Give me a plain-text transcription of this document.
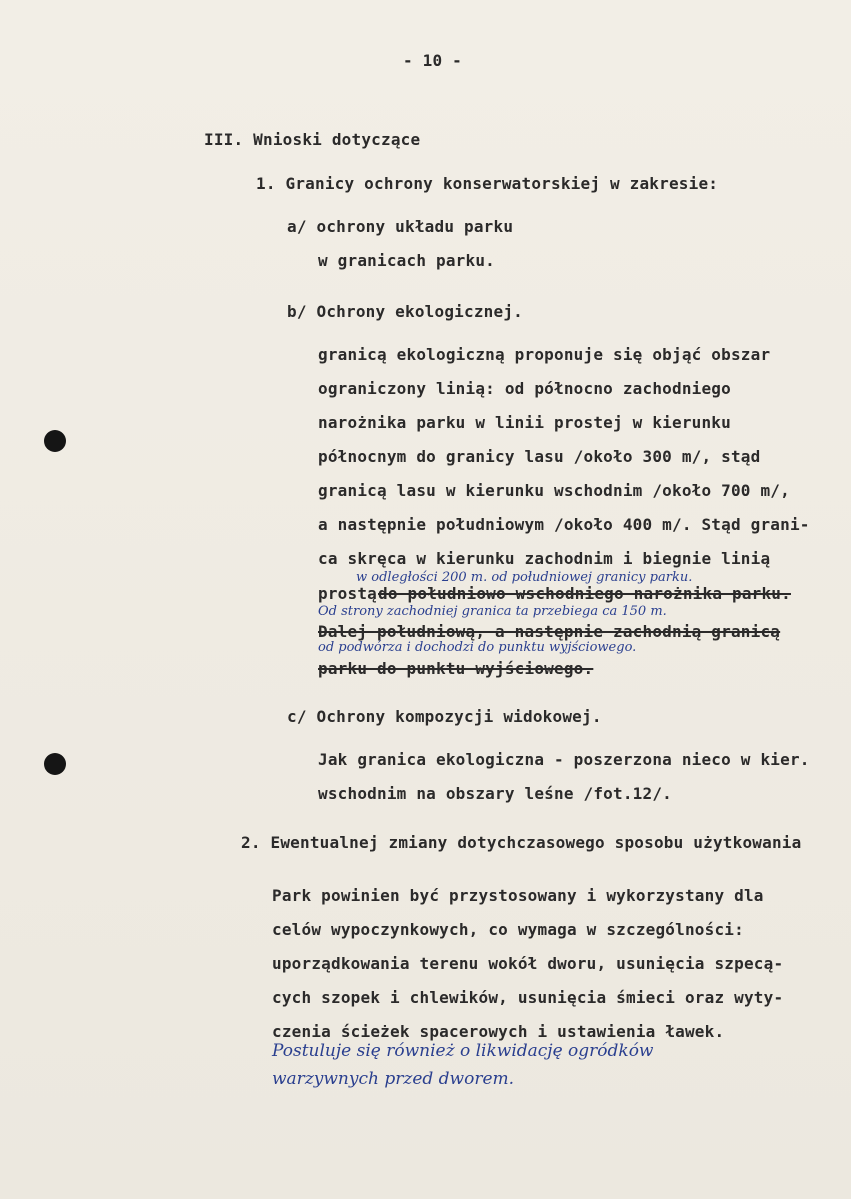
- 10 -
III. Wnioski dotyczące
1. Granicy ochrony konserwatorskiej w zakresie:
a/ ochrony układu parku
w granicach parku.
b/ Ochrony ekologicznej.
granicą ekologiczną proponuje się objąć obszar
ograniczony linią: od północno zachodniego
narożnika parku w linii prostej w kierunku
północnym do granicy lasu /około 300 m/, stąd
granicą lasu w kierunku wschodnim /około 700 m/,
a następnie południowym /około 400 m/. Stąd grani-
ca skręca w kierunku zachodnim i biegnie linią
w odległości 200 m. od południowej granicy parku.
prostą do południowo wschodniego narożnika parku.
Od strony zachodniej granica ta przebiega ca 150 m.
Dalej południową, a następnie zachodnią granicą
od podwórza i dochodzi do punktu wyjściowego.
parku do punktu wyjściowego.
c/ Ochrony kompozycji widokowej.
Jak granica ekologiczna - poszerzona nieco w kier.
wschodnim na obszary leśne /fot.12/.
2. Ewentualnej zmiany dotychczasowego sposobu użytkowania
Park powinien być przystosowany i wykorzystany dla
celów wypoczynkowych, co wymaga w szczególności:
uporządkowania terenu wokół dworu, usunięcia szpecą-
cych szopek i chlewików, usunięcia śmieci oraz wyty-
czenia ścieżek spacerowych i ustawienia ławek.
Postuluje się również o likwidację ogródków
warzywnych przed dworem.
